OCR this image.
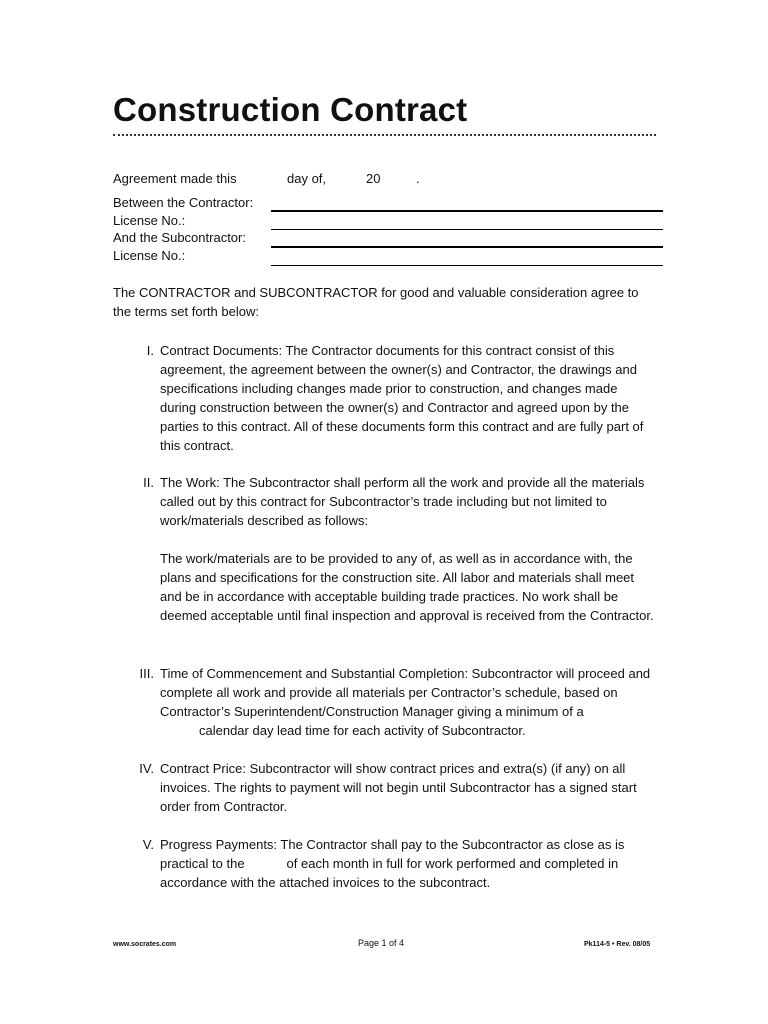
Construction Contract
Agreement made this	day of,	20	.
Between the Contractor:
License No.:
And the Subcontractor:
License No.:
The CONTRACTOR and SUBCONTRACTOR for good and valuable consideration agree to the terms set forth below:
I. Contract Documents: The Contractor documents for this contract consist of this agreement, the agreement between the owner(s) and Contractor, the drawings and specifications including changes made prior to construction, and changes made during construction between the owner(s) and Contractor and agreed upon by the parties to this contract. All of these documents form this contract and are fully part of this contract.

II. The Work: The Subcontractor shall perform all the work and provide all the materials called out by this contract for Subcontractor’s trade including but not limited to work/materials described as follows:

The work/materials are to be provided to any of, as well as in accordance with, the plans and specifications for the construction site. All labor and materials shall meet and be in accordance with acceptable building trade practices. No work shall be deemed acceptable until final inspection and approval is received from the Contractor.

III. Time of Commencement and Substantial Completion: Subcontractor will proceed and complete all work and provide all materials per Contractor’s schedule, based on Contractor’s Superintendent/Construction Manager giving a minimum of a

calendar day lead time for each activity of Subcontractor.
IV. Contract Price: Subcontractor will show contract prices and extra(s) (if any) on all invoices. The rights to payment will not begin until Subcontractor has a signed start order from Contractor.

V. Progress Payments: The Contractor shall pay to the Subcontractor as close as is practical to the	of each month in full for work performed and completed in accordance with the attached invoices to the subcontract.

www.socrates.com	Page 1 of 4	Pk114-5 • Rev. 08/05
